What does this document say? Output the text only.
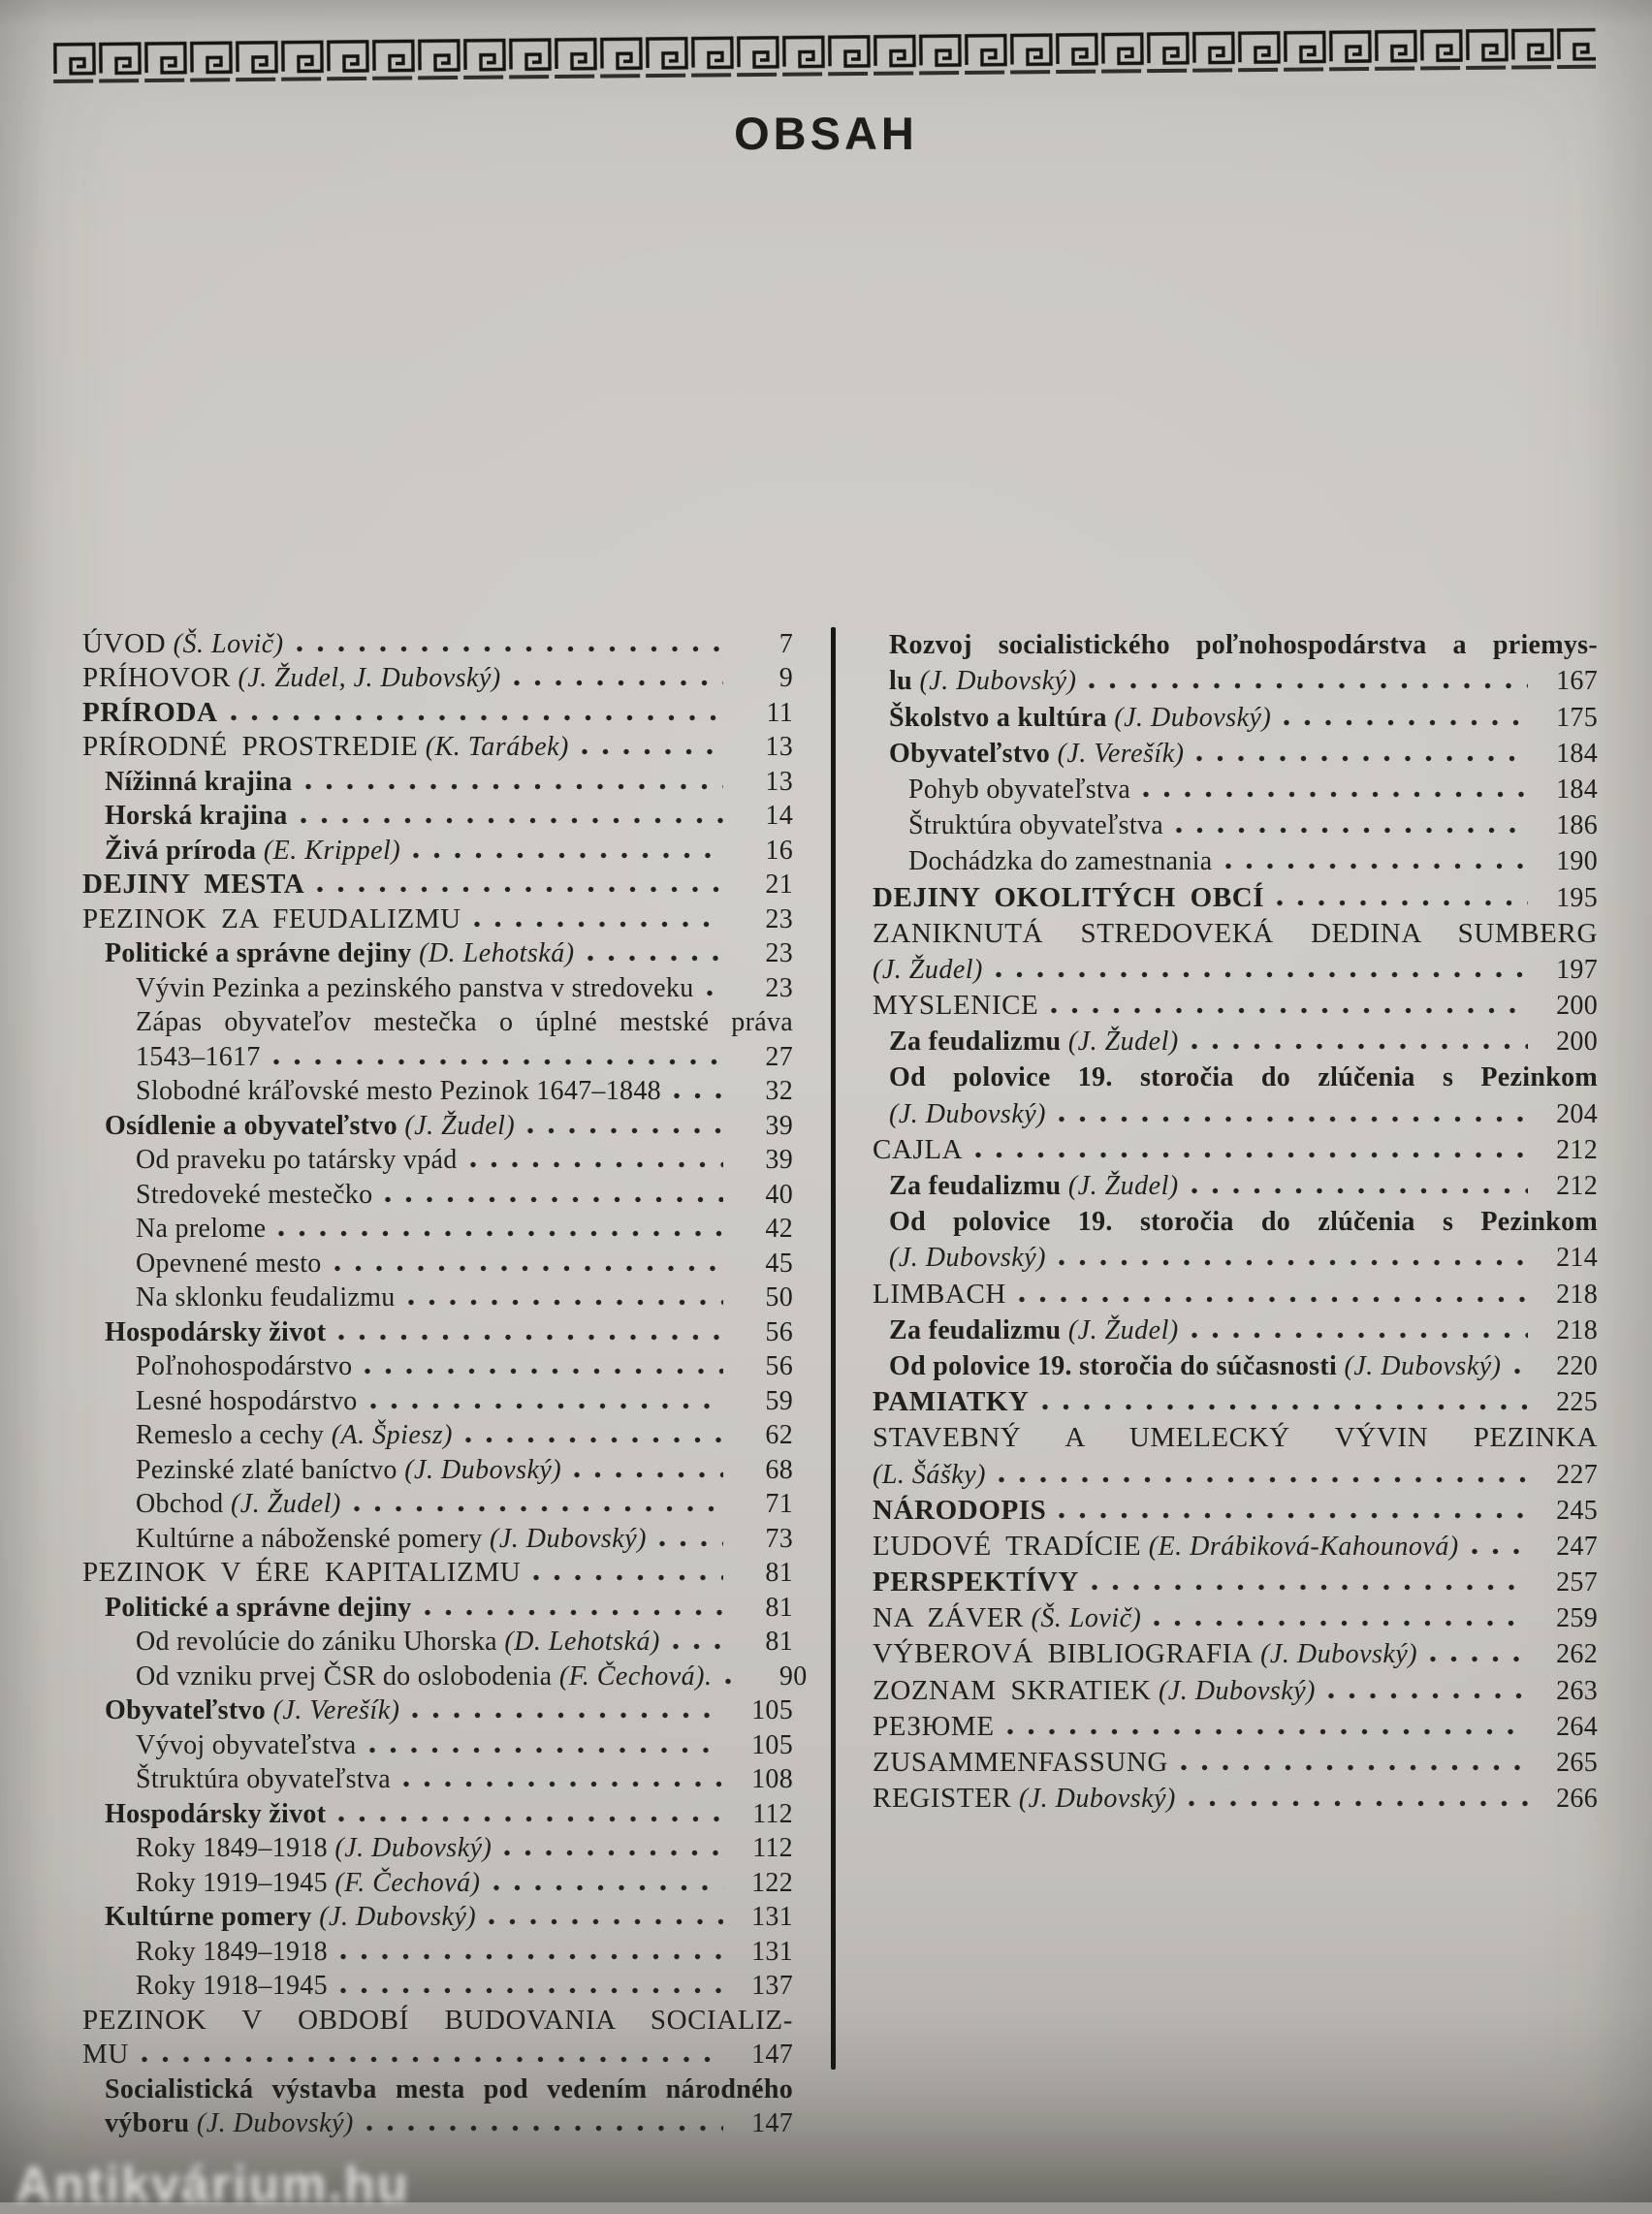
OBSAH
ÚVOD (Š. Lovič)	7
PRÍHOVOR (J. Žudel, J. Dubovský)	9
PRÍRODA	11
PRÍRODNÉ PROSTREDIE (K. Tarábek)	13
Nížinná krajina	13
Horská krajina	14
Živá príroda (E. Krippel)	16
DEJINY MESTA	21
PEZINOK ZA FEUDALIZMU	23
Politické a správne dejiny (D. Lehotská)	23
Vývin Pezinka a pezinského panstva v stredoveku	23
Zápas obyvateľov mestečka o úplné mestské práva
1543–1617	27
Slobodné kráľovské mesto Pezinok 1647–1848	32
Osídlenie a obyvateľstvo (J. Žudel)	39
Od praveku po tatársky vpád	39
Stredoveké mestečko	40
Na prelome	42
Opevnené mesto	45
Na sklonku feudalizmu	50
Hospodársky život	56
Poľnohospodárstvo	56
Lesné hospodárstvo	59
Remeslo a cechy (A. Špiesz)	62
Pezinské zlaté baníctvo (J. Dubovský)	68
Obchod (J. Žudel)	71
Kultúrne a náboženské pomery (J. Dubovský)	73
PEZINOK V ÉRE KAPITALIZMU	81
Politické a správne dejiny	81
Od revolúcie do zániku Uhorska (D. Lehotská)	81
Od vzniku prvej ČSR do oslobodenia (F. Čechová).	90
Obyvateľstvo (J. Verešík)	105
Vývoj obyvateľstva	105
Štruktúra obyvateľstva	108
Hospodársky život	112
Roky 1849–1918 (J. Dubovský)	112
Roky 1919–1945 (F. Čechová)	122
Kultúrne pomery (J. Dubovský)	131
Roky 1849–1918	131
Roky 1918–1945	137
PEZINOK V OBDOBÍ BUDOVANIA SOCIALIZ-
MU	147
Socialistická výstavba mesta pod vedením národného
výboru (J. Dubovský)	147
Rozvoj socialistického poľnohospodárstva a priemys-
lu (J. Dubovský)	167
Školstvo a kultúra (J. Dubovský)	175
Obyvateľstvo (J. Verešík)	184
Pohyb obyvateľstva	184
Štruktúra obyvateľstva	186
Dochádzka do zamestnania	190
DEJINY OKOLITÝCH OBCÍ	195
ZANIKNUTÁ STREDOVEKÁ DEDINA SUMBERG
(J. Žudel)	197
MYSLENICE	200
Za feudalizmu (J. Žudel)	200
Od polovice 19. storočia do zlúčenia s Pezinkom
(J. Dubovský)	204
CAJLA	212
Za feudalizmu (J. Žudel)	212
Od polovice 19. storočia do zlúčenia s Pezinkom
(J. Dubovský)	214
LIMBACH	218
Za feudalizmu (J. Žudel)	218
Od polovice 19. storočia do súčasnosti (J. Dubovský)	220
PAMIATKY	225
STAVEBNÝ A UMELECKÝ VÝVIN PEZINKA
(L. Šášky)	227
NÁRODOPIS	245
ĽUDOVÉ TRADÍCIE (E. Drábiková-Kahounová)	247
PERSPEKTÍVY	257
NA ZÁVER (Š. Lovič)	259
VÝBEROVÁ BIBLIOGRAFIA (J. Dubovský)	262
ZOZNAM SKRATIEK (J. Dubovský)	263
РЕЗЮМЕ	264
ZUSAMMENFASSUNG	265
REGISTER (J. Dubovský)	266
Antikvárium.hu
